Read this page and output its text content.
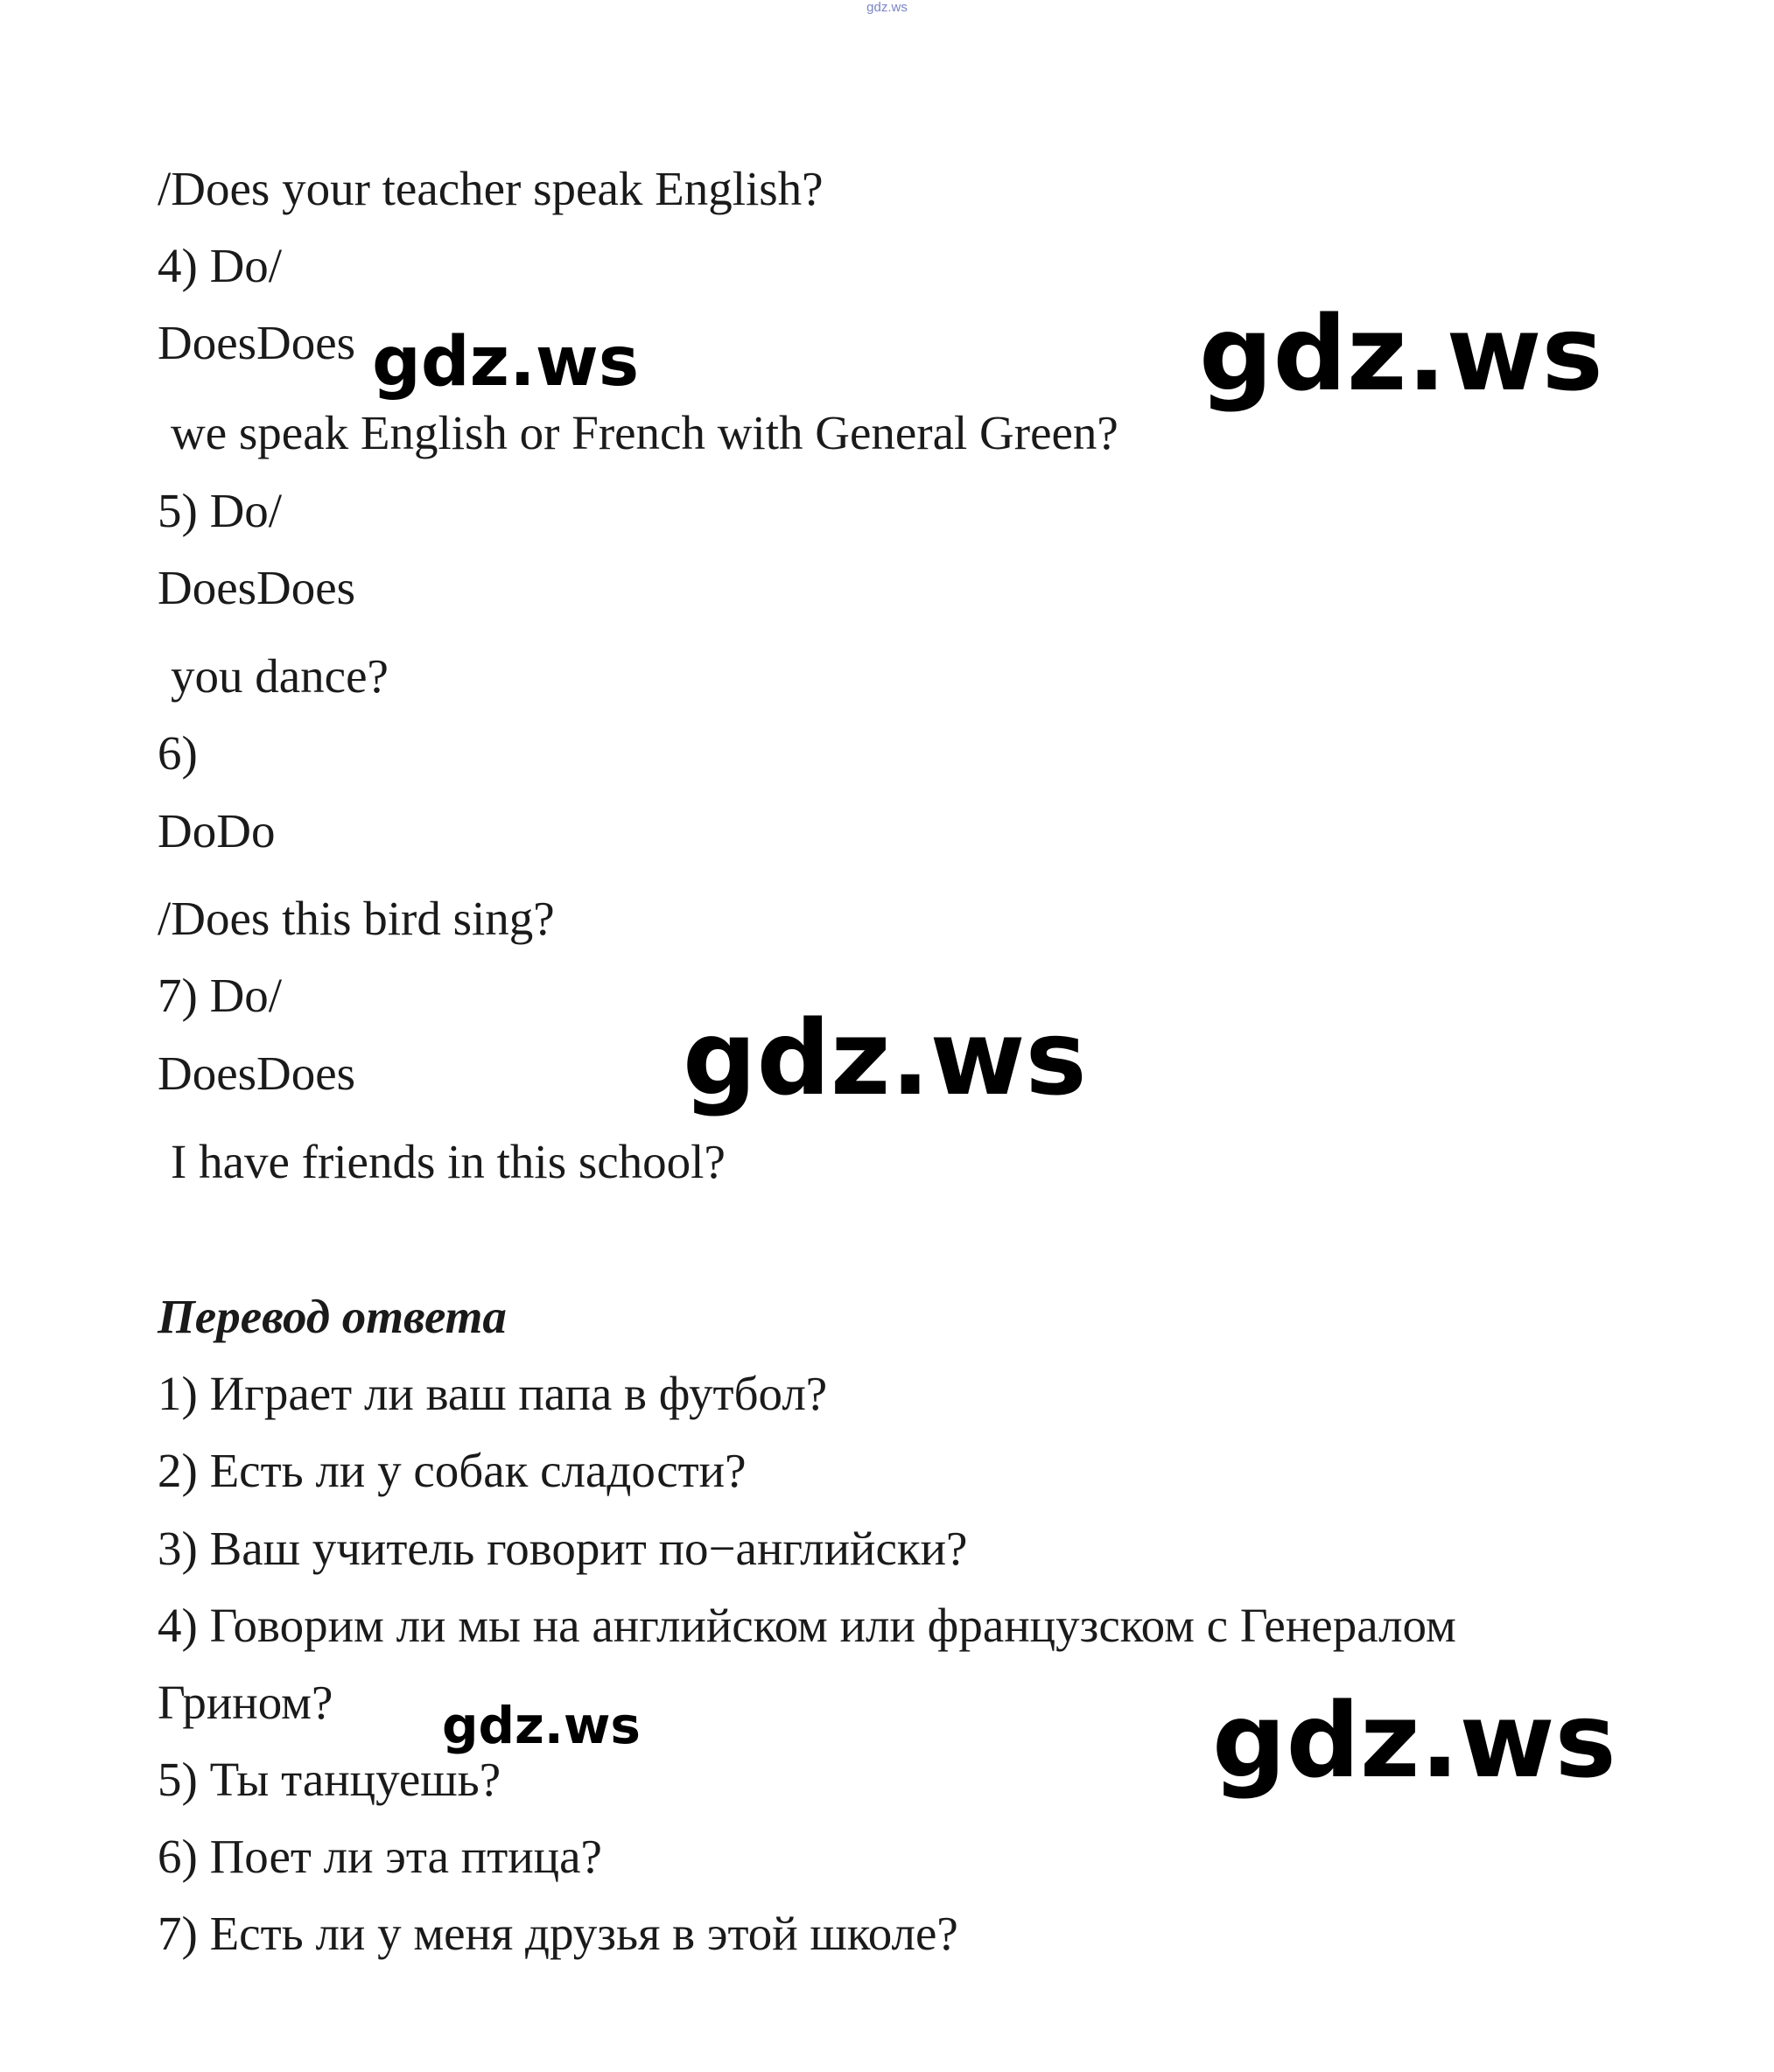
gdz.ws
/Does your teacher speak English?
4) Do/
DoesDoes
we speak English or French with General Green?
5) Do/
DoesDoes
you dance?
6)
DoDo
/Does this bird sing?
7) Do/
DoesDoes
I have friends in this school?
Перевод ответа
1) Играет ли ваш папа в футбол?
2) Есть ли у собак сладости?
3) Ваш учитель говорит по−английски?
4) Говорим ли мы на английском или французском с Генералом
Грином?
5) Ты танцуешь?
6) Поет ли эта птица?
7) Есть ли у меня друзья в этой школе?
gdz.ws	gdz.ws
gdz.ws
gdz.ws	gdz.ws
